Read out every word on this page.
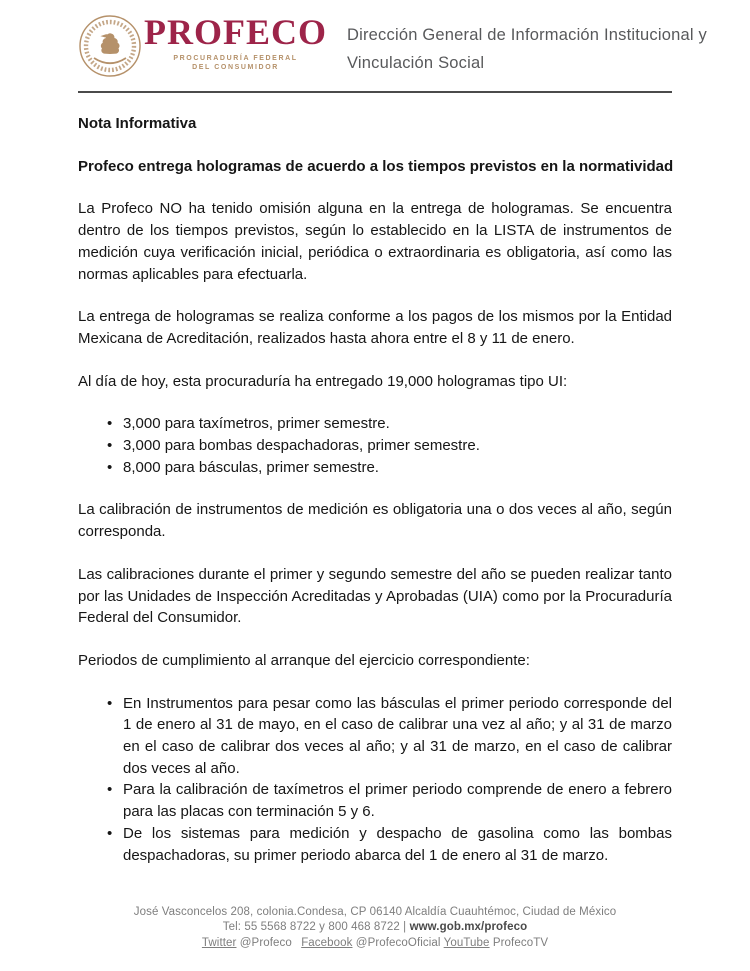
PROFECO
PROCURADURÍA FEDERAL
DEL CONSUMIDOR
Dirección General de Información Institucional y
Vinculación Social

Nota Informativa

Profeco entrega hologramas de acuerdo a los tiempos previstos en la normatividad

La Profeco NO ha tenido omisión alguna en la entrega de hologramas. Se encuentra dentro de los tiempos previstos, según lo establecido en la LISTA de instrumentos de medición cuya verificación inicial, periódica o extraordinaria es obligatoria, así como las normas aplicables para efectuarla.

La entrega de hologramas se realiza conforme a los pagos de los mismos por la Entidad Mexicana de Acreditación, realizados hasta ahora entre el 8 y 11 de enero.

Al día de hoy, esta procuraduría ha entregado 19,000 hologramas tipo UI:

• 3,000 para taxímetros, primer semestre.
• 3,000 para bombas despachadoras, primer semestre.
• 8,000 para básculas, primer semestre.

La calibración de instrumentos de medición es obligatoria una o dos veces al año, según corresponda.

Las calibraciones durante el primer y segundo semestre del año se pueden realizar tanto por las Unidades de Inspección Acreditadas y Aprobadas (UIA) como por la Procuraduría Federal del Consumidor.

Periodos de cumplimiento al arranque del ejercicio correspondiente:

• En Instrumentos para pesar como las básculas el primer periodo corresponde del 1 de enero al 31 de mayo, en el caso de calibrar una vez al año; y al 31 de marzo en el caso de calibrar dos veces al año; y al 31 de marzo, en el caso de calibrar dos veces al año.
• Para la calibración de taxímetros el primer periodo comprende de enero a febrero para las placas con terminación 5 y 6.
• De los sistemas para medición y despacho de gasolina como las bombas despachadoras, su primer periodo abarca del 1 de enero al 31 de marzo.
José Vasconcelos 208, colonia.Condesa, CP 06140 Alcaldía Cuauhtémoc, Ciudad de México
Tel: 55 5568 8722 y 800 468 8722 | www.gob.mx/profeco
Twitter @Profeco Facebook @ProfecoOficial YouTube ProfecoTV
